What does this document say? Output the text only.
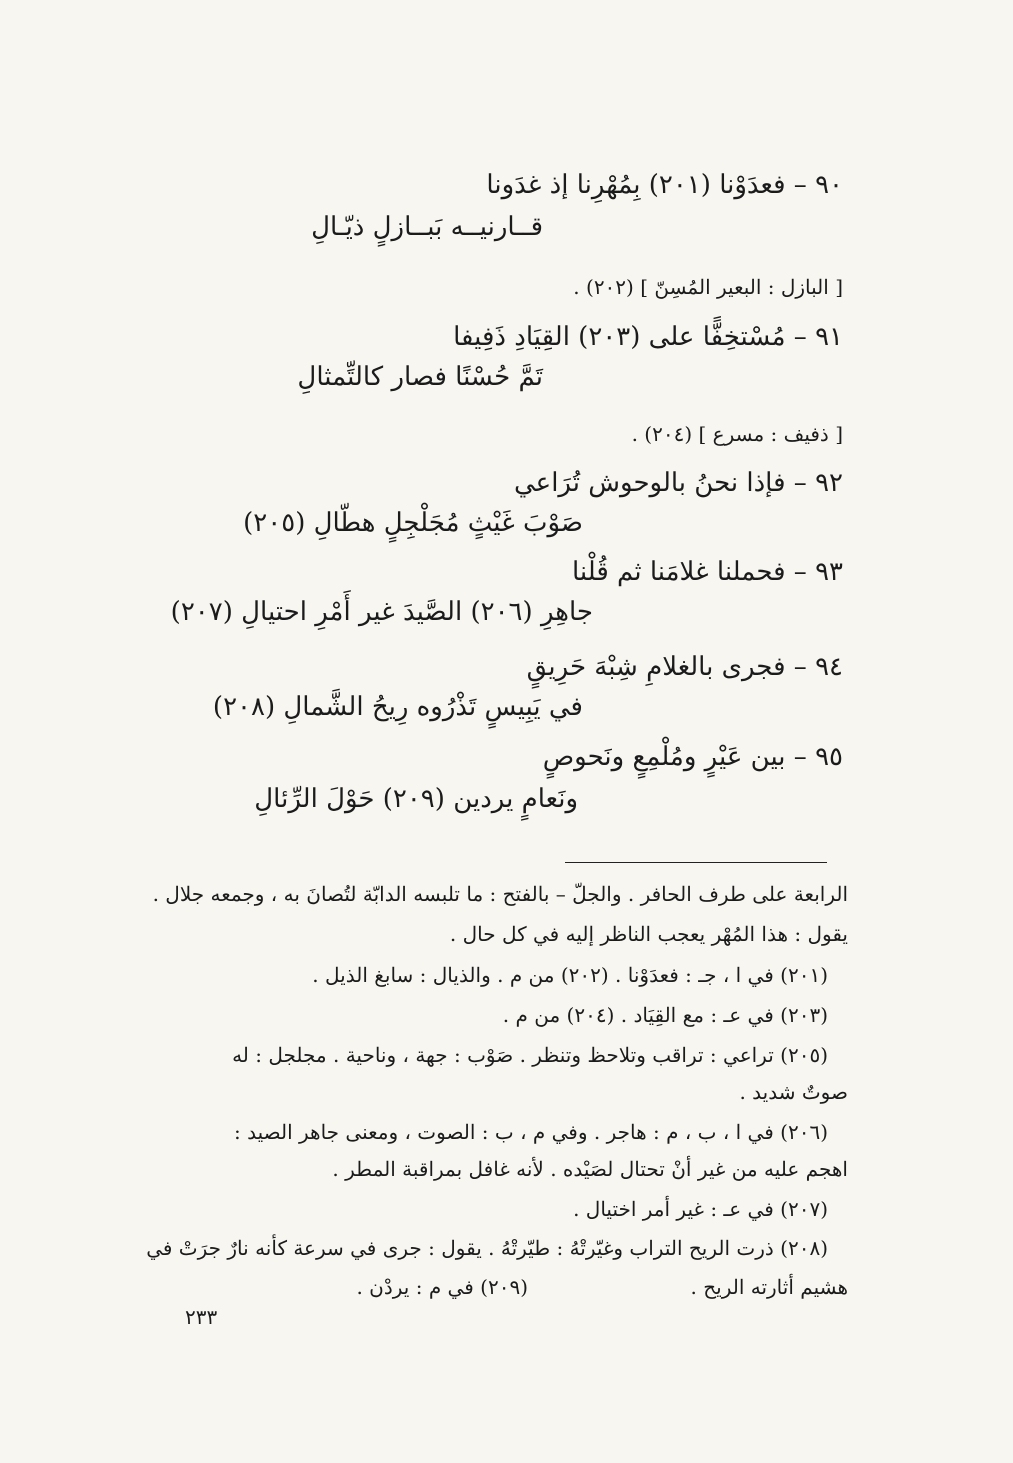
٩٠ – فعدَوْنا (٢٠١) بِمُهْرِنا إذ غدَونا
قــارنيــه بَبــازلٍ ذيّـالِ
[ البازل : البعير المُسِنّ ] (٢٠٢) .
٩١ – مُسْتخِفًّا على (٢٠٣) القِيَادِ ذَفِيفا
تَمَّ حُسْنًا فصار كالتِّمثالِ
[ ذفيف : مسرع ] (٢٠٤) .
٩٢ – فإذا نحنُ بالوحوش تُرَاعي
صَوْبَ غَيْثٍ مُجَلْجِلٍ هطّالِ (٢٠٥)
٩٣ – فحملنا غلامَنا ثم قُلْنا
جاهِرِ (٢٠٦) الصَّيدَ غير أَمْرِ احتيالِ (٢٠٧)
٩٤ – فجرى بالغلامِ شِبْهَ حَرِيقٍ
في يَبِيسٍ تَذْرُوه رِيحُ الشَّمالِ (٢٠٨)
٩٥ – بين عَيْرٍ ومُلْمِعٍ ونَحوصٍ
ونَعامٍ يردين (٢٠٩) حَوْلَ الرِّئالِ
الرابعة على طرف الحافر . والجلّ – بالفتح : ما تلبسه الدابّة لتُصانَ به ، وجمعه جلال .
يقول : هذا المُهْر يعجب الناظر إليه في كل حال .
(٢٠١) في ا ، جـ : فعدَوْنا . (٢٠٢) من م . والذيال : سابغ الذيل .
(٢٠٣) في عـ : مع القِيَاد . (٢٠٤) من م .
(٢٠٥) تراعي : تراقب وتلاحظ وتنظر . صَوْب : جهة ، وناحية . مجلجل : له
صوتٌ شديد .
(٢٠٦) في ا ، ب ، م : هاجر . وفي م ، ب : الصوت ، ومعنى جاهر الصيد :
اهجم عليه من غير أنْ تحتال لصَيْده . لأنه غافل بمراقبة المطر .
(٢٠٧) في عـ : غير أمر اختيال .
(٢٠٨) ذرت الريح التراب وغيّرتْهُ : طيّرتْهُ . يقول : جرى في سرعة كأنه نارٌ جرَتْ في
هشيم أثارته الريح .
(٢٠٩) في م : يردْن .
٢٣٣
